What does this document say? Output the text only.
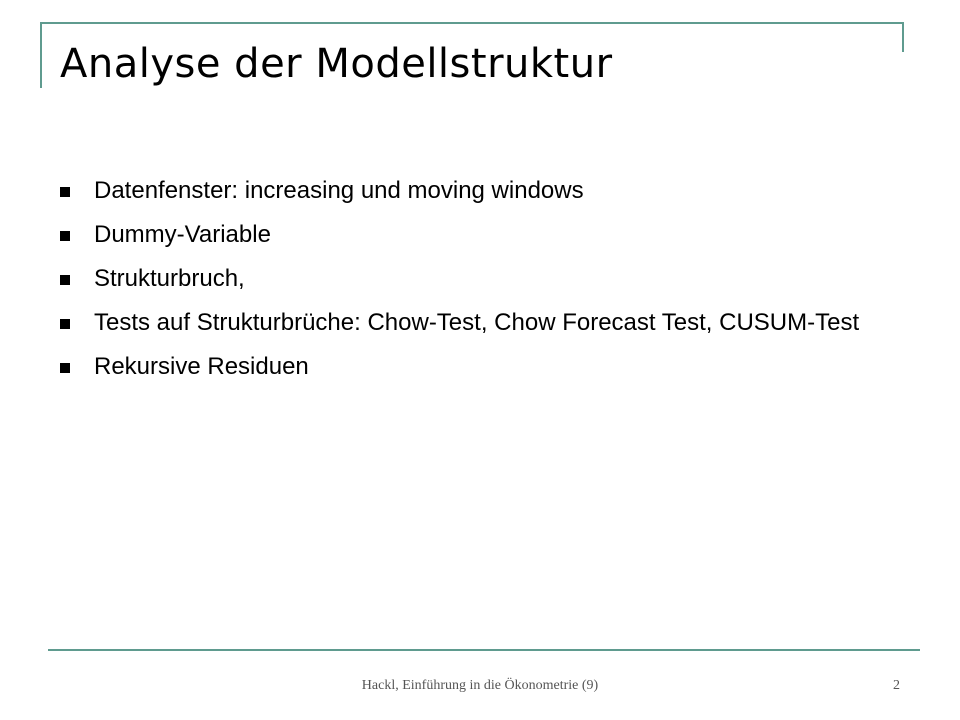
Analyse der Modellstruktur
Datenfenster: increasing und moving windows
Dummy-Variable
Strukturbruch,
Tests auf Strukturbrüche: Chow-Test, Chow Forecast Test, CUSUM-Test
Rekursive Residuen
Hackl, Einführung in die Ökonometrie (9)	2
